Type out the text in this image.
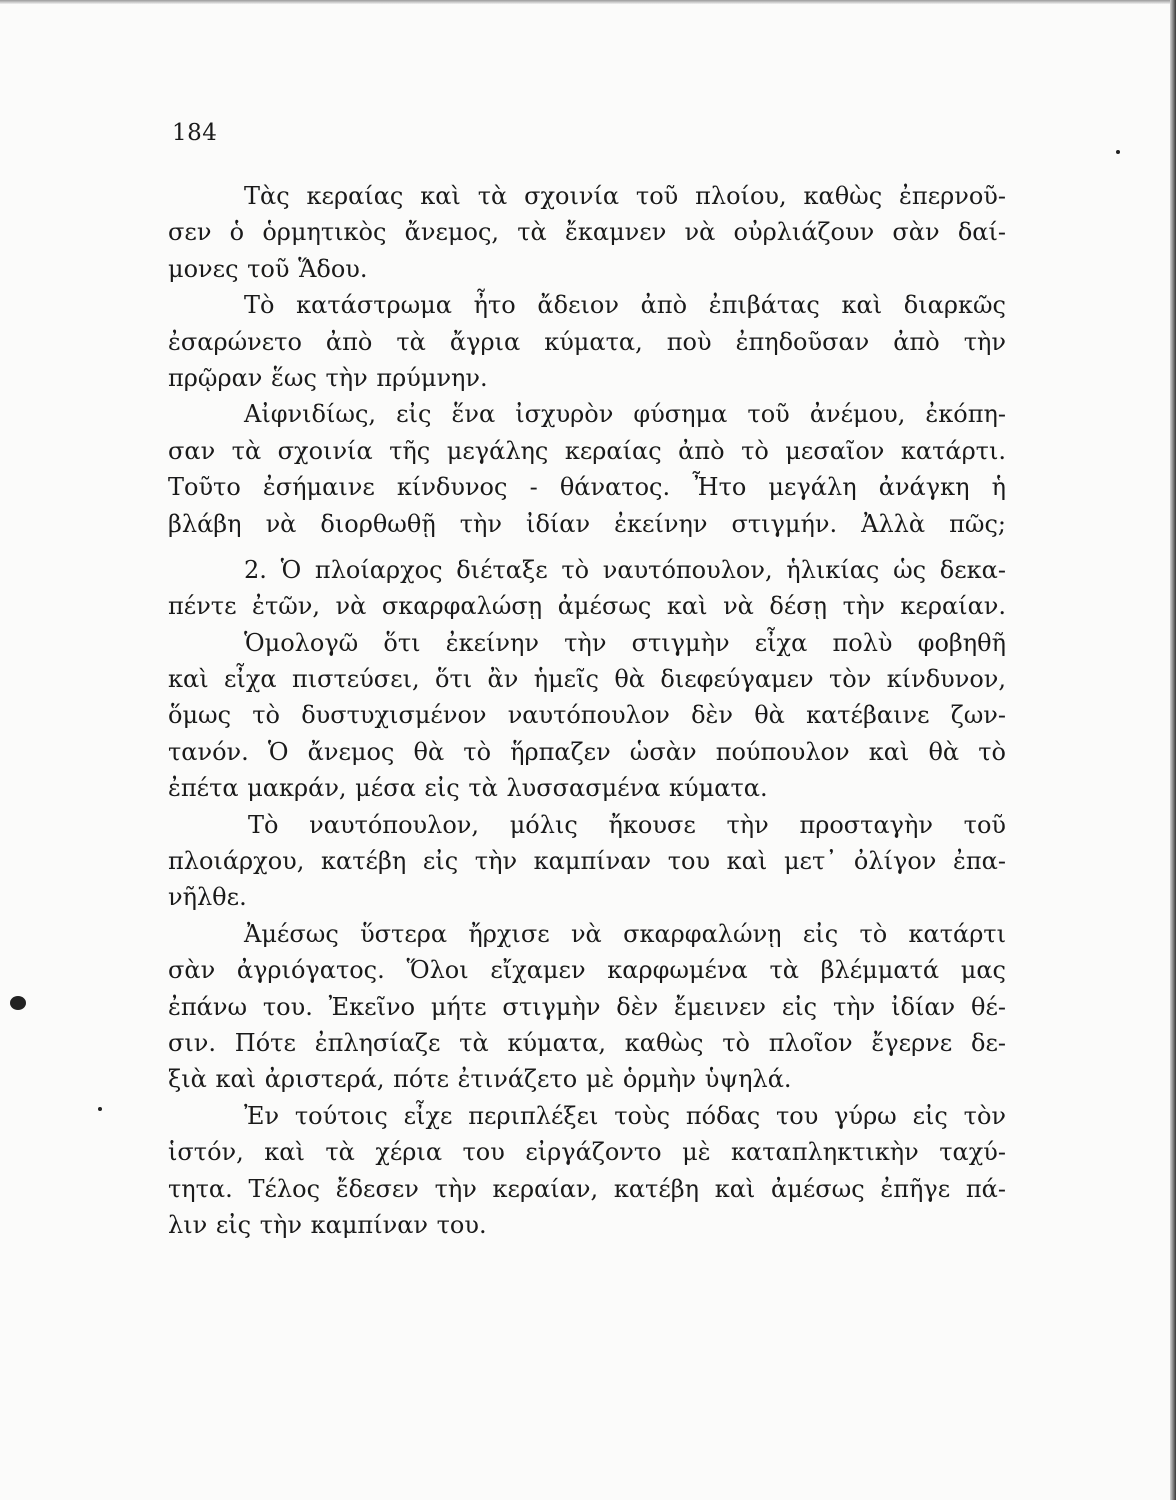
184
Τὰς κεραίας καὶ τὰ σχοινία τοῦ πλοίου, καθὼς ἐπερνοῦ-
σεν ὁ ὁρμητικὸς ἄνεμος, τὰ ἔκαμνεν νὰ οὐρλιάζουν σὰν δαί-
μονες τοῦ Ἅδου.
Τὸ κατάστρωμα ἦτο ἄδειον ἀπὸ ἐπιβάτας καὶ διαρκῶς
ἐσαρώνετο ἀπὸ τὰ ἄγρια κύματα, ποὺ ἐπηδοῦσαν ἀπὸ τὴν
πρῷραν ἕως τὴν πρύμνην.
Αἰφνιδίως, εἰς ἕνα ἰσχυρὸν φύσημα τοῦ ἀνέμου, ἐκόπη-
σαν τὰ σχοινία τῆς μεγάλης κεραίας ἀπὸ τὸ μεσαῖον κατάρτι.
Τοῦτο ἐσήμαινε κίνδυνος - θάνατος. Ἦτο μεγάλη ἀνάγκη ἡ
βλάβη νὰ διορθωθῇ τὴν ἰδίαν ἐκείνην στιγμήν. Ἀλλὰ πῶς;
2. Ὁ πλοίαρχος διέταξε τὸ ναυτόπουλον, ἡλικίας ὡς δεκα-
πέντε ἐτῶν, νὰ σκαρφαλώσῃ ἀμέσως καὶ νὰ δέσῃ τὴν κεραίαν.
Ὁμολογῶ ὅτι ἐκείνην τὴν στιγμὴν εἶχα πολὺ φοβηθῆ
καὶ εἶχα πιστεύσει, ὅτι ἂν ἡμεῖς θὰ διεφεύγαμεν τὸν κίνδυνον,
ὅμως τὸ δυστυχισμένον ναυτόπουλον δὲν θὰ κατέβαινε ζων-
τανόν. Ὁ ἄνεμος θὰ τὸ ἥρπαζεν ὡσὰν πούπουλον καὶ θὰ τὸ
ἐπέτα μακράν, μέσα εἰς τὰ λυσσασμένα κύματα.
Τὸ ναυτόπουλον, μόλις ἤκουσε τὴν προσταγὴν τοῦ
πλοιάρχου, κατέβη εἰς τὴν καμπίναν του καὶ μετ᾽ ὀλίγον ἐπα-
νῆλθε.
Ἀμέσως ὕστερα ἤρχισε νὰ σκαρφαλώνῃ εἰς τὸ κατάρτι
σὰν ἀγριόγατος. Ὅλοι εἴχαμεν καρφωμένα τὰ βλέμματά μας
ἐπάνω του. Ἐκεῖνο μήτε στιγμὴν δὲν ἔμεινεν εἰς τὴν ἰδίαν θέ-
σιν. Πότε ἐπλησίαζε τὰ κύματα, καθὼς τὸ πλοῖον ἔγερνε δε-
ξιὰ καὶ ἀριστερά, πότε ἐτινάζετο μὲ ὁρμὴν ὑψηλά.
Ἐν τούτοις εἶχε περιπλέξει τοὺς πόδας του γύρω εἰς τὸν
ἱστόν, καὶ τὰ χέρια του εἰργάζοντο μὲ καταπληκτικὴν ταχύ-
τητα. Τέλος ἔδεσεν τὴν κεραίαν, κατέβη καὶ ἀμέσως ἐπῆγε πά-
λιν εἰς τὴν καμπίναν του.
